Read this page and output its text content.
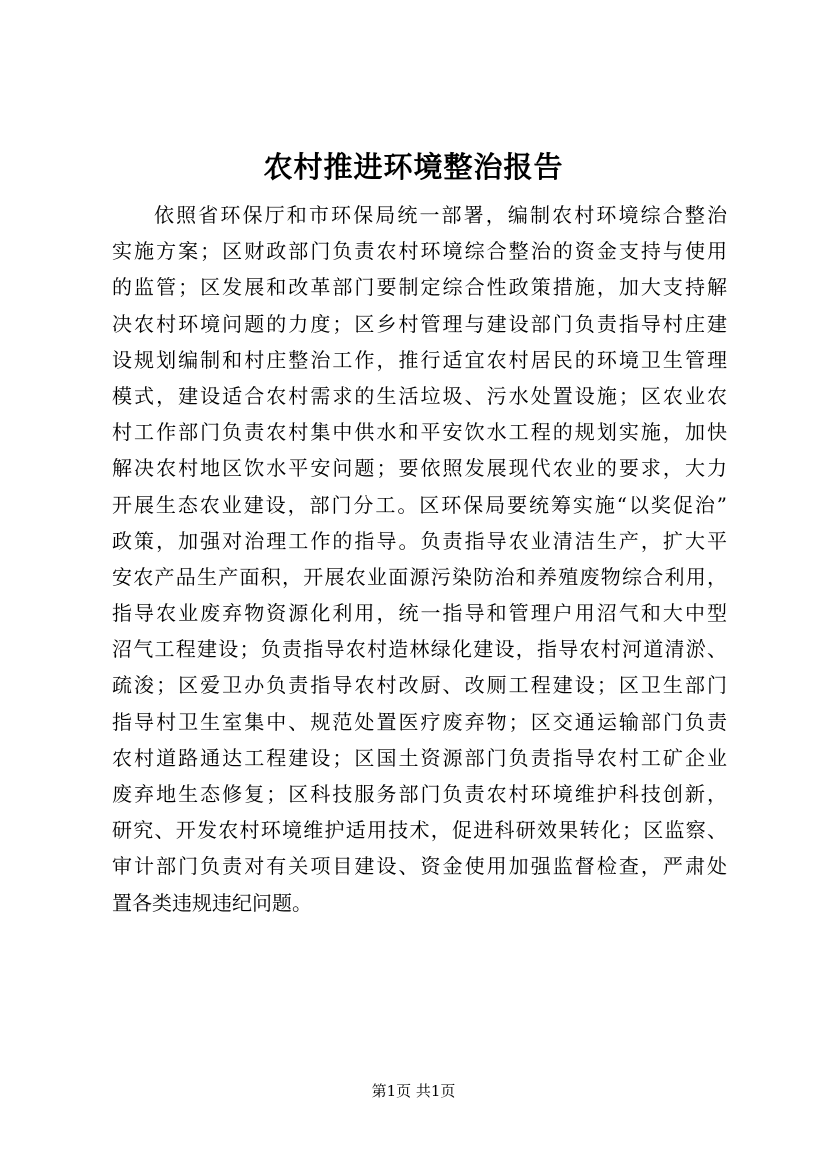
农村推进环境整治报告
依照省环保厅和市环保局统一部署，编制农村环境综合整治
实施方案；区财政部门负责农村环境综合整治的资金支持与使用
的监管；区发展和改革部门要制定综合性政策措施，加大支持解
决农村环境问题的力度；区乡村管理与建设部门负责指导村庄建
设规划编制和村庄整治工作，推行适宜农村居民的环境卫生管理
模式，建设适合农村需求的生活垃圾、污水处置设施；区农业农
村工作部门负责农村集中供水和平安饮水工程的规划实施，加快
解决农村地区饮水平安问题；要依照发展现代农业的要求，大力
开展生态农业建设，部门分工。区环保局要统筹实施“以奖促治”
政策，加强对治理工作的指导。负责指导农业清洁生产，扩大平
安农产品生产面积，开展农业面源污染防治和养殖废物综合利用，
指导农业废弃物资源化利用，统一指导和管理户用沼气和大中型
沼气工程建设；负责指导农村造林绿化建设，指导农村河道清淤、
疏浚；区爱卫办负责指导农村改厨、改厕工程建设；区卫生部门
指导村卫生室集中、规范处置医疗废弃物；区交通运输部门负责
农村道路通达工程建设；区国土资源部门负责指导农村工矿企业
废弃地生态修复；区科技服务部门负责农村环境维护科技创新，
研究、开发农村环境维护适用技术，促进科研效果转化；区监察、
审计部门负责对有关项目建设、资金使用加强监督检查，严肃处
置各类违规违纪问题。
第1页 共1页
